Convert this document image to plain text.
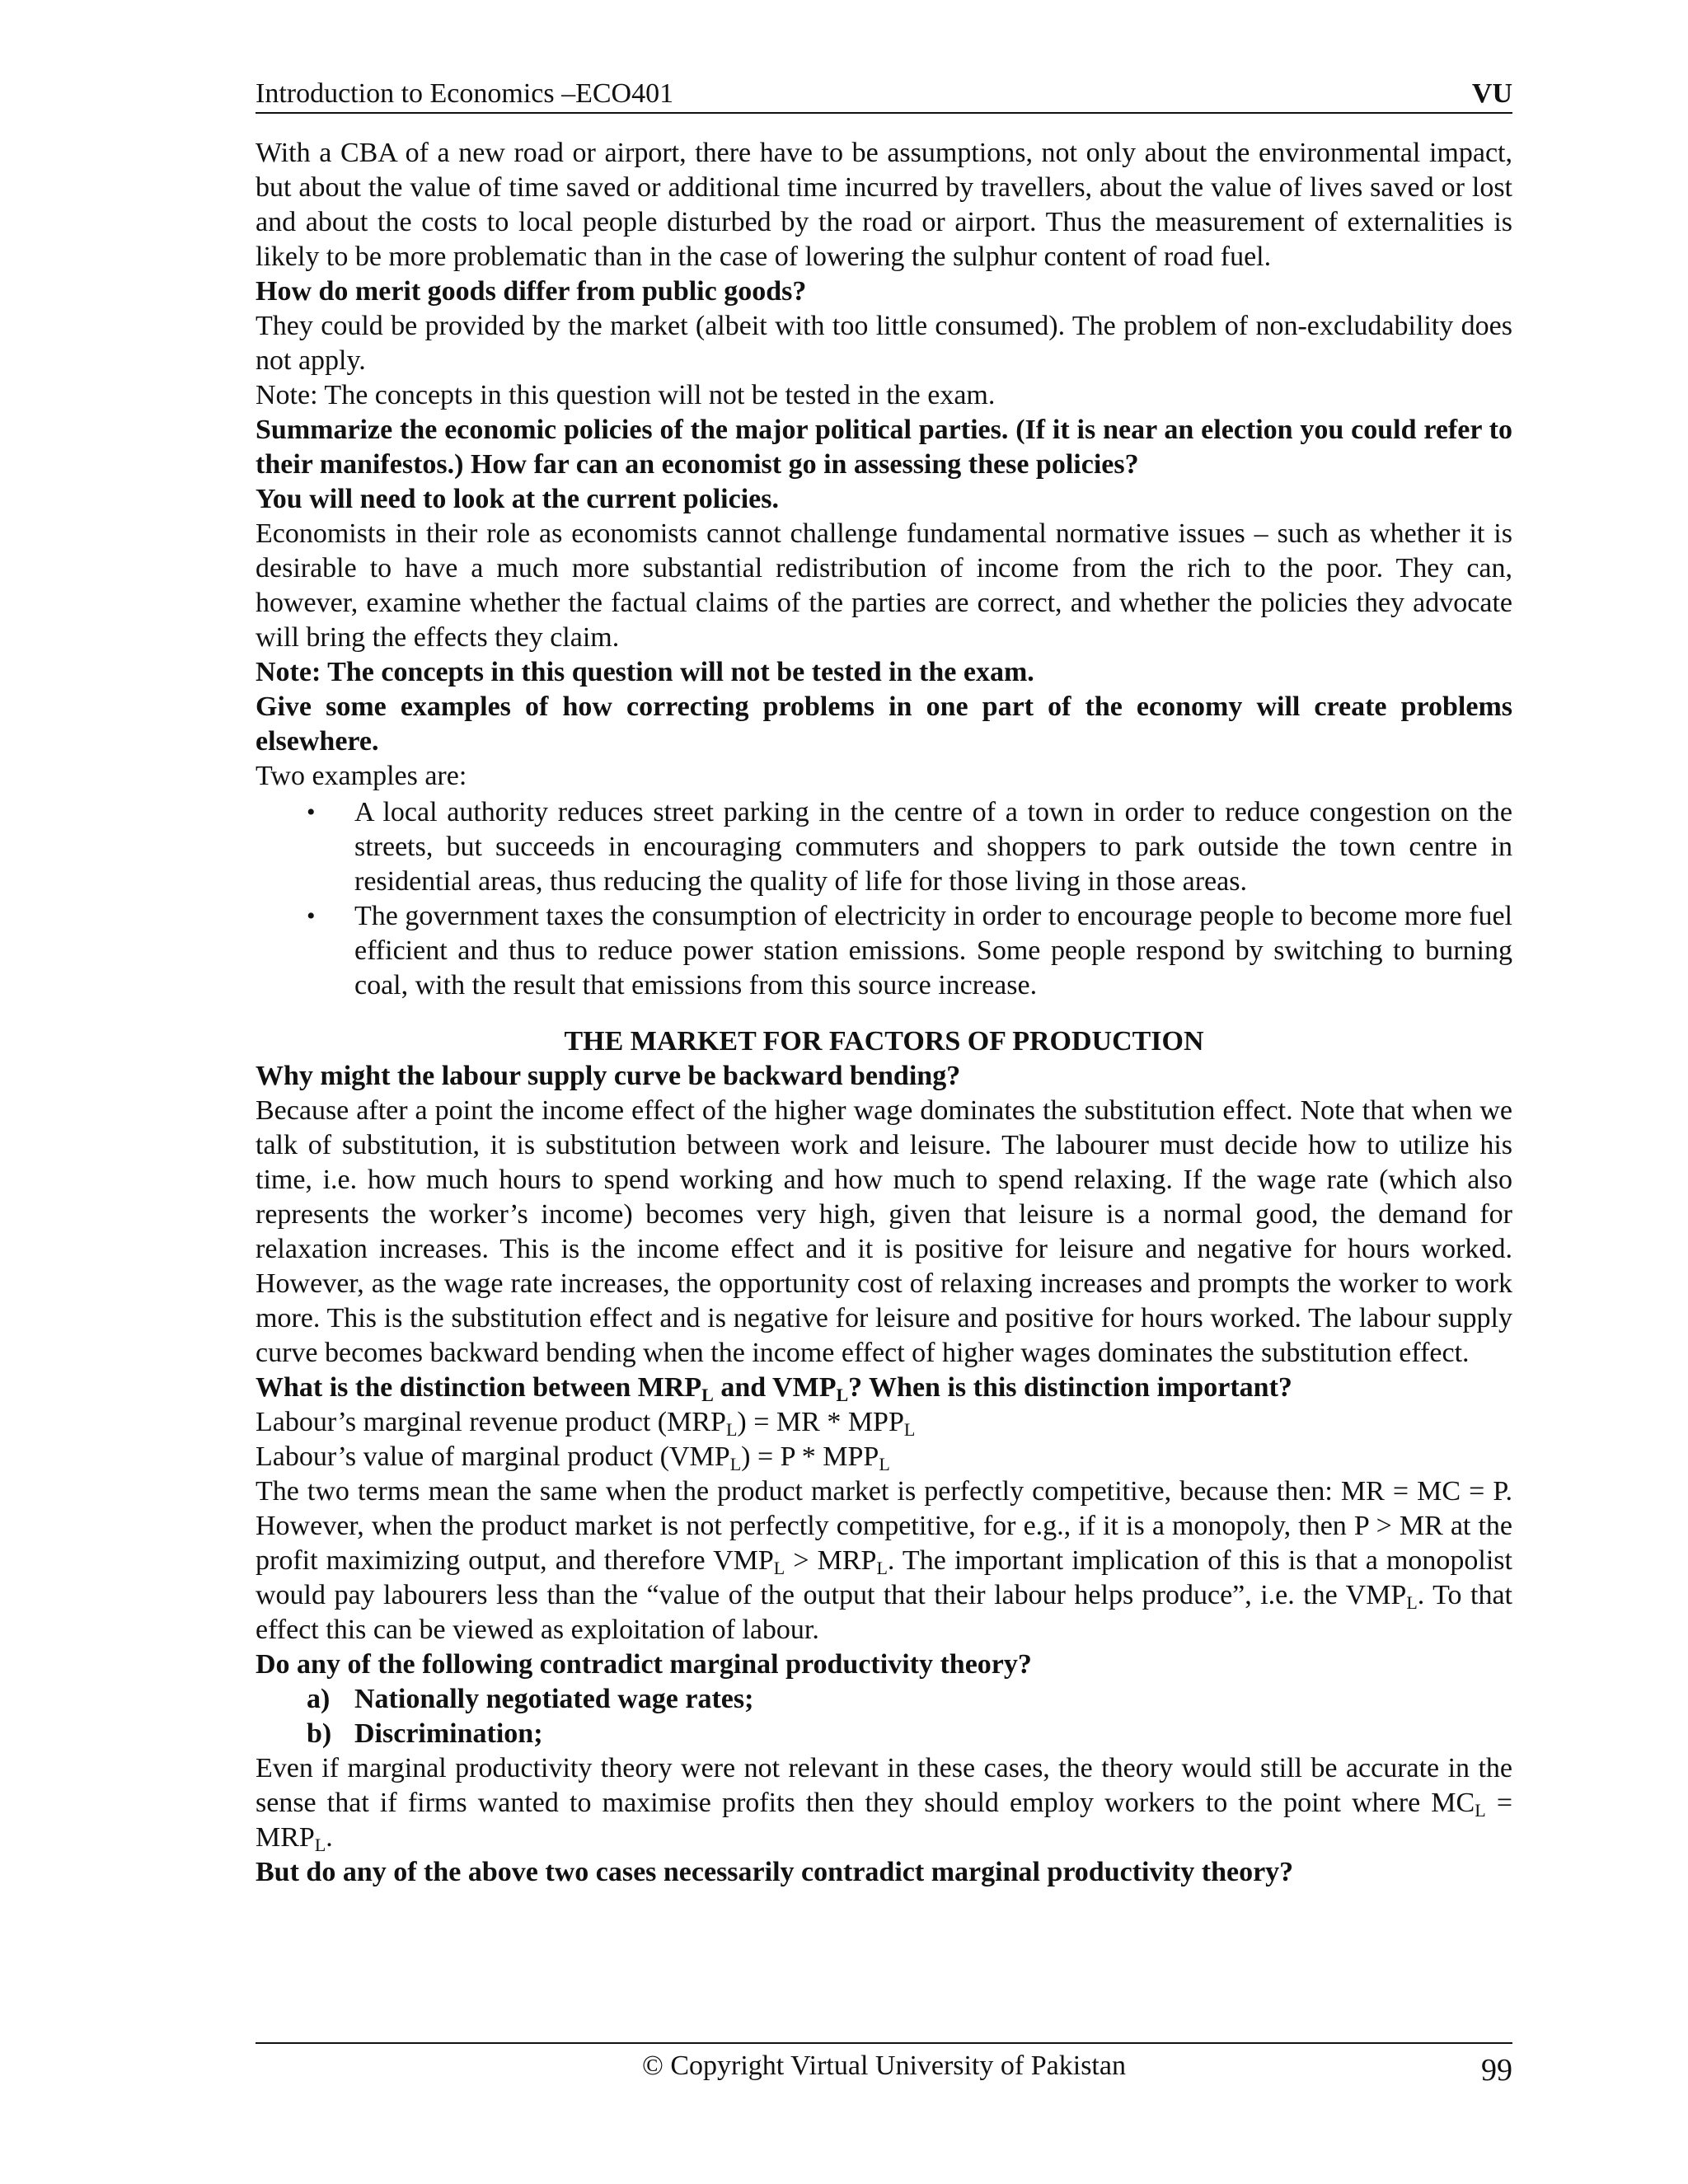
Introduction to Economics –ECO401	VU

With a CBA of a new road or airport, there have to be assumptions, not only about the environmental impact, but about the value of time saved or additional time incurred by travellers, about the value of lives saved or lost and about the costs to local people disturbed by the road or airport. Thus the measurement of externalities is likely to be more problematic than in the case of lowering the sulphur content of road fuel.

How do merit goods differ from public goods?

They could be provided by the market (albeit with too little consumed). The problem of non-excludability does not apply.

Note: The concepts in this question will not be tested in the exam.

Summarize the economic policies of the major political parties. (If it is near an election you could refer to their manifestos.) How far can an economist go in assessing these policies?

You will need to look at the current policies.

Economists in their role as economists cannot challenge fundamental normative issues – such as whether it is desirable to have a much more substantial redistribution of income from the rich to the poor. They can, however, examine whether the factual claims of the parties are correct, and whether the policies they advocate will bring the effects they claim.

Note: The concepts in this question will not be tested in the exam.

Give some examples of how correcting problems in one part of the economy will create problems elsewhere.

Two examples are:

• A local authority reduces street parking in the centre of a town in order to reduce congestion on the streets, but succeeds in encouraging commuters and shoppers to park outside the town centre in residential areas, thus reducing the quality of life for those living in those areas.
• The government taxes the consumption of electricity in order to encourage people to become more fuel efficient and thus to reduce power station emissions. Some people respond by switching to burning coal, with the result that emissions from this source increase.

THE MARKET FOR FACTORS OF PRODUCTION

Why might the labour supply curve be backward bending?

Because after a point the income effect of the higher wage dominates the substitution effect. Note that when we talk of substitution, it is substitution between work and leisure. The labourer must decide how to utilize his time, i.e. how much hours to spend working and how much to spend relaxing. If the wage rate (which also represents the worker’s income) becomes very high, given that leisure is a normal good, the demand for relaxation increases. This is the income effect and it is positive for leisure and negative for hours worked. However, as the wage rate increases, the opportunity cost of relaxing increases and prompts the worker to work more. This is the substitution effect and is negative for leisure and positive for hours worked. The labour supply curve becomes backward bending when the income effect of higher wages dominates the substitution effect.

What is the distinction between $MRP_L$ and $VMP_L$? When is this distinction important?

Labour’s marginal revenue product $(MRP_L)$ = MR * $MPP_L$

Labour’s value of marginal product $(VMP_L) = P * MPP_L$

The two terms mean the same when the product market is perfectly competitive, because then: MR = MC = P. However, when the product market is not perfectly competitive, for e.g., if it is a monopoly, then P > MR at the profit maximizing output, and therefore $VMP_L > MRP_L$. The important implication of this is that a monopolist would pay labourers less than the “value of the output that their labour helps produce”, i.e. the $VMP_L$. To that effect this can be viewed as exploitation of labour.

Do any of the following contradict marginal productivity theory?

a) Nationally negotiated wage rates;
b) Discrimination;

Even if marginal productivity theory were not relevant in these cases, the theory would still be accurate in the sense that if firms wanted to maximise profits then they should employ workers to the point where $MC_L = MRP_L$.

But do any of the above two cases necessarily contradict marginal productivity theory?

© Copyright Virtual University of Pakistan	99
